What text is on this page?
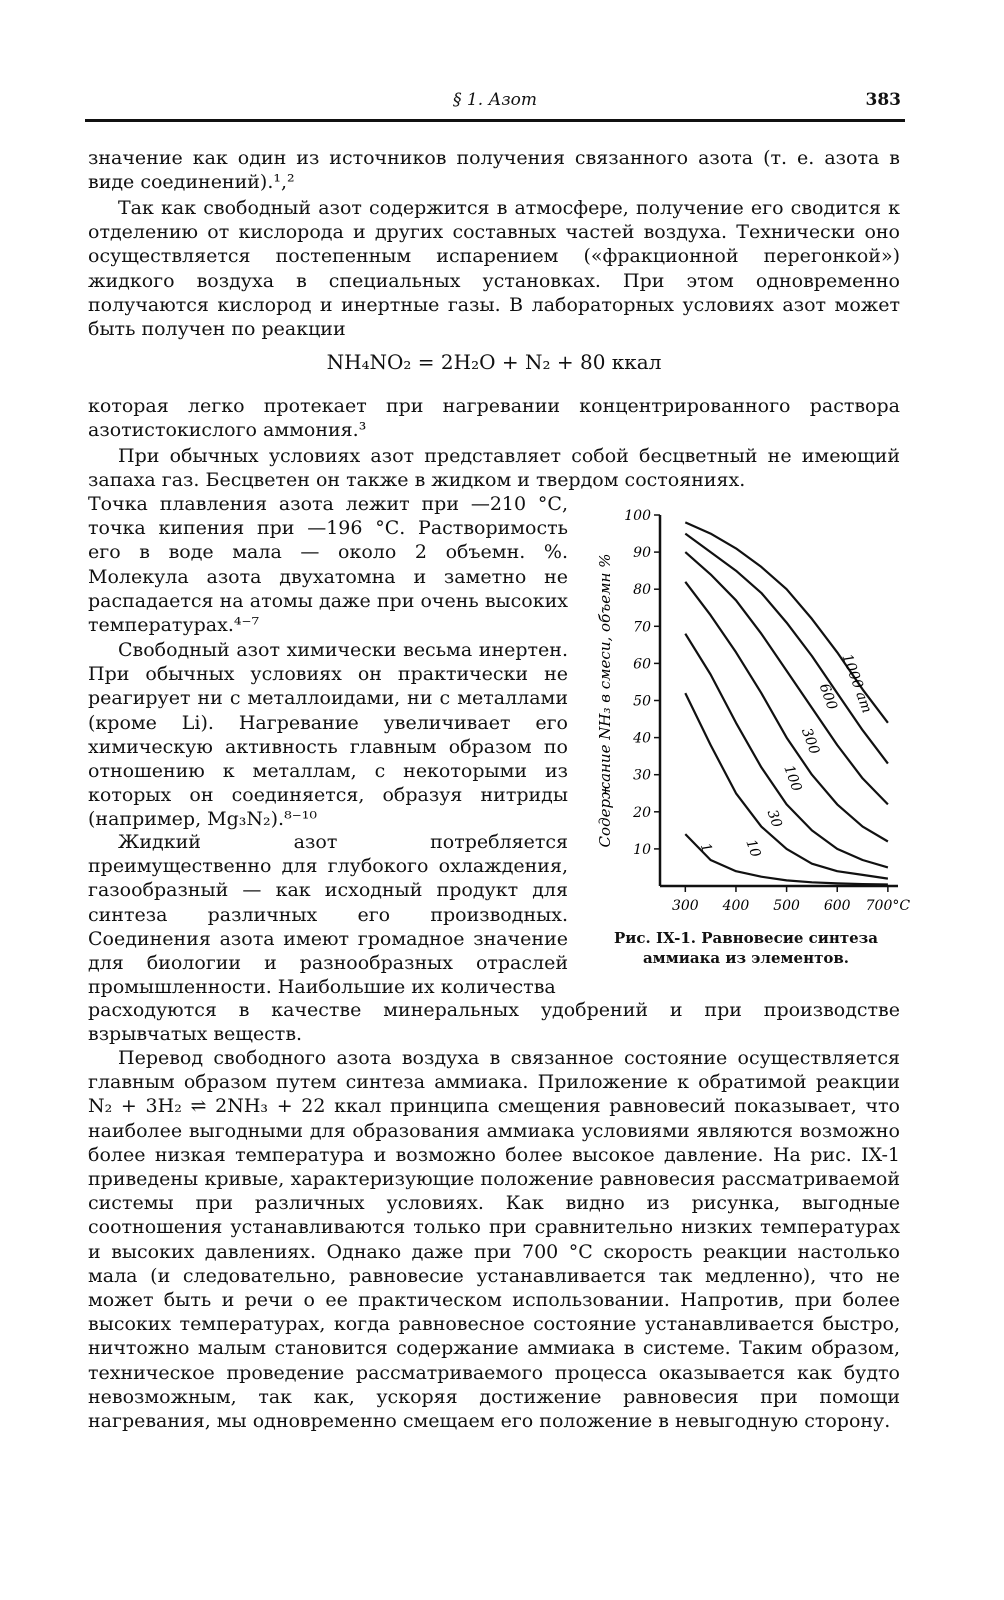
§ 1. Азот	383

значение как один из источников получения связанного азота (т. е. азота в виде соединений).¹,²

Так как свободный азот содержится в атмосфере, получение его сводится к отделению от кислорода и других составных частей воздуха. Технически оно осуществляется постепенным испарением («фракционной перегонкой») жидкого воздуха в специальных установках. При этом одновременно получаются кислород и инертные газы. В лабораторных условиях азот может быть получен по реакции

NH₄NO₂ = 2H₂O + N₂ + 80 ккал

которая легко протекает при нагревании концентрированного раствора азотистокислого аммония.³

При обычных условиях азот представляет собой бесцветный не имеющий запаха газ. Бесцветен он также в жидком и твердом состояниях.

Точка плавления азота лежит при —210 °С, точка кипения при —196 °С. Растворимость его в воде мала — около 2 объемн. %. Молекула азота двухатомна и заметно не распадается на атомы даже при очень высоких температурах.⁴⁻⁷

Свободный азот химически весьма инертен. При обычных условиях он практически не реагирует ни с металлоидами, ни с металлами (кроме Li). Нагревание увеличивает его химическую активность главным образом по отношению к металлам, с некоторыми из которых он соединяется, образуя нитриды (например, Mg₃N₂).⁸⁻¹⁰

Жидкий азот потребляется преимущественно для глубокого охлаждения, газообразный — как исходный продукт для синтеза различных его производных. Соединения азота имеют громадное значение для биологии и разнообразных отраслей промышленности. Наибольшие их количества

расходуются в качестве минеральных удобрений и при производстве взрывчатых веществ.

Перевод свободного азота воздуха в связанное состояние осуществляется главным образом путем синтеза аммиака. Приложение к обратимой реакции N₂ + 3H₂ ⇌ 2NH₃ + 22 ккал принципа смещения равновесий показывает, что наиболее выгодными для образования аммиака условиями являются возможно более низкая температура и возможно более высокое давление. На рис. IX-1 приведены кривые, характеризующие положение равновесия рассматриваемой системы при различных условиях. Как видно из рисунка, выгодные соотношения устанавливаются только при сравнительно низких температурах и высоких давлениях. Однако даже при 700 °С скорость реакции настолько мала (и следовательно, равновесие устанавливается так медленно), что не может быть и речи о ее практическом использовании. Напротив, при более высоких температурах, когда равновесное состояние устанавливается быстро, ничтожно малым становится содержание аммиака в системе. Таким образом, техническое проведение рассматриваемого процесса оказывается как будто невозможным, так как, ускоряя достижение равновесия при помощи нагревания, мы одновременно смещаем его положение в невыгодную сторону.

100
90
80
70
60
50
40
30
20
10
300 400 500 600 700°C
Содержание NH₃ в смеси, объемн %
1 10
30
100
300
600
1000 ат
Рис. IX-1. Равновесие синтеза аммиака из элементов.
